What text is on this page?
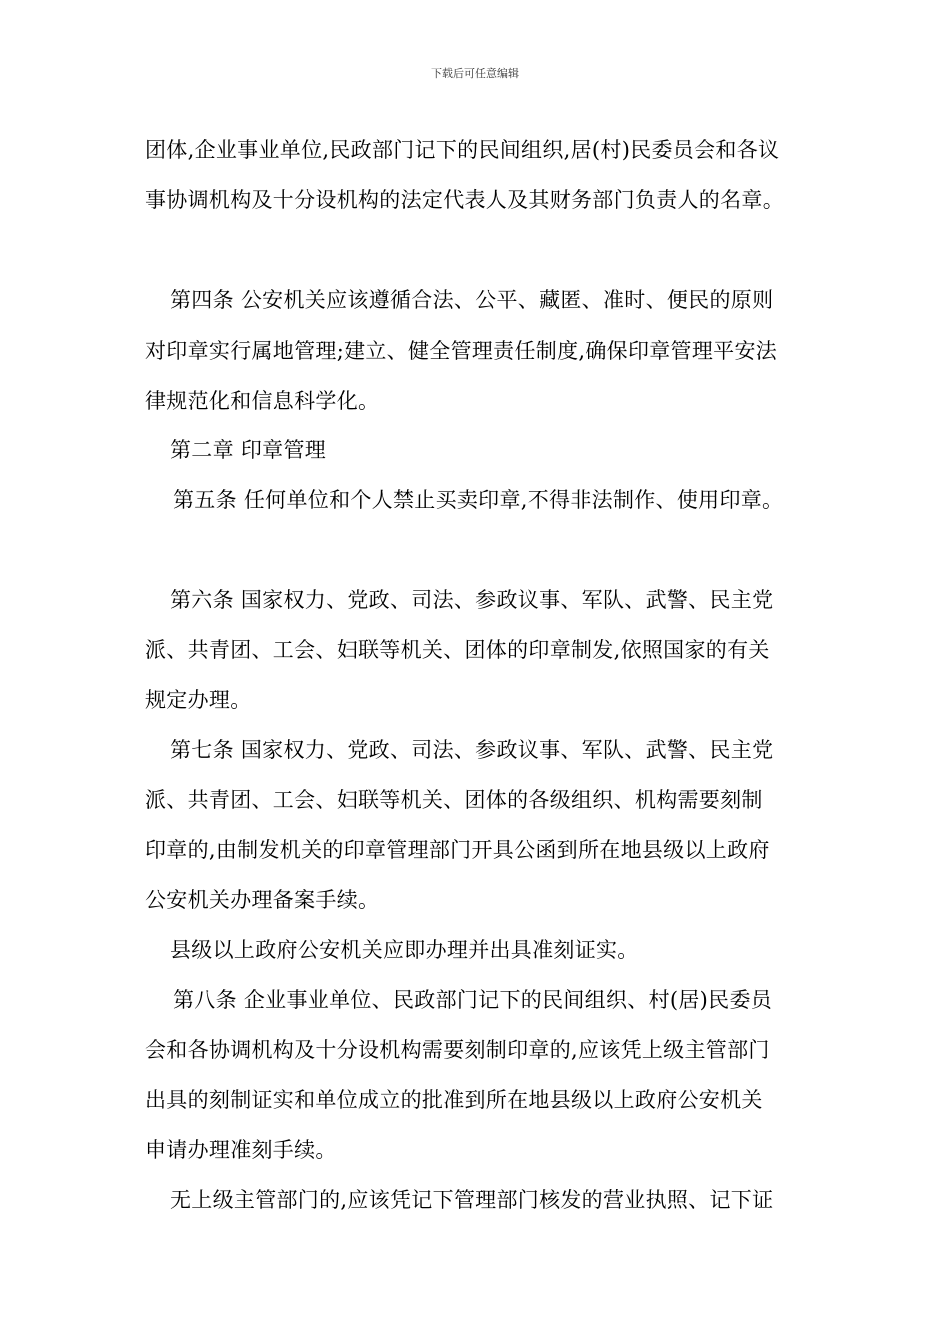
下载后可任意编辑
团体,企业事业单位,民政部门记下的民间组织,居(村)民委员会和各议
事协调机构及十分设机构的法定代表人及其财务部门负责人的名章。
第四条 公安机关应该遵循合法、公平、藏匿、准时、便民的原则
对印章实行属地管理;建立、健全管理责任制度,确保印章管理平安法
律规范化和信息科学化。
第二章 印章管理
第五条 任何单位和个人禁止买卖印章,不得非法制作、使用印章。
第六条 国家权力、党政、司法、参政议事、军队、武警、民主党
派、共青团、工会、妇联等机关、团体的印章制发,依照国家的有关
规定办理。
第七条 国家权力、党政、司法、参政议事、军队、武警、民主党
派、共青团、工会、妇联等机关、团体的各级组织、机构需要刻制
印章的,由制发机关的印章管理部门开具公函到所在地县级以上政府
公安机关办理备案手续。
县级以上政府公安机关应即办理并出具准刻证实。
第八条 企业事业单位、民政部门记下的民间组织、村(居)民委员
会和各协调机构及十分设机构需要刻制印章的,应该凭上级主管部门
出具的刻制证实和单位成立的批准到所在地县级以上政府公安机关
申请办理准刻手续。
无上级主管部门的,应该凭记下管理部门核发的营业执照、记下证
